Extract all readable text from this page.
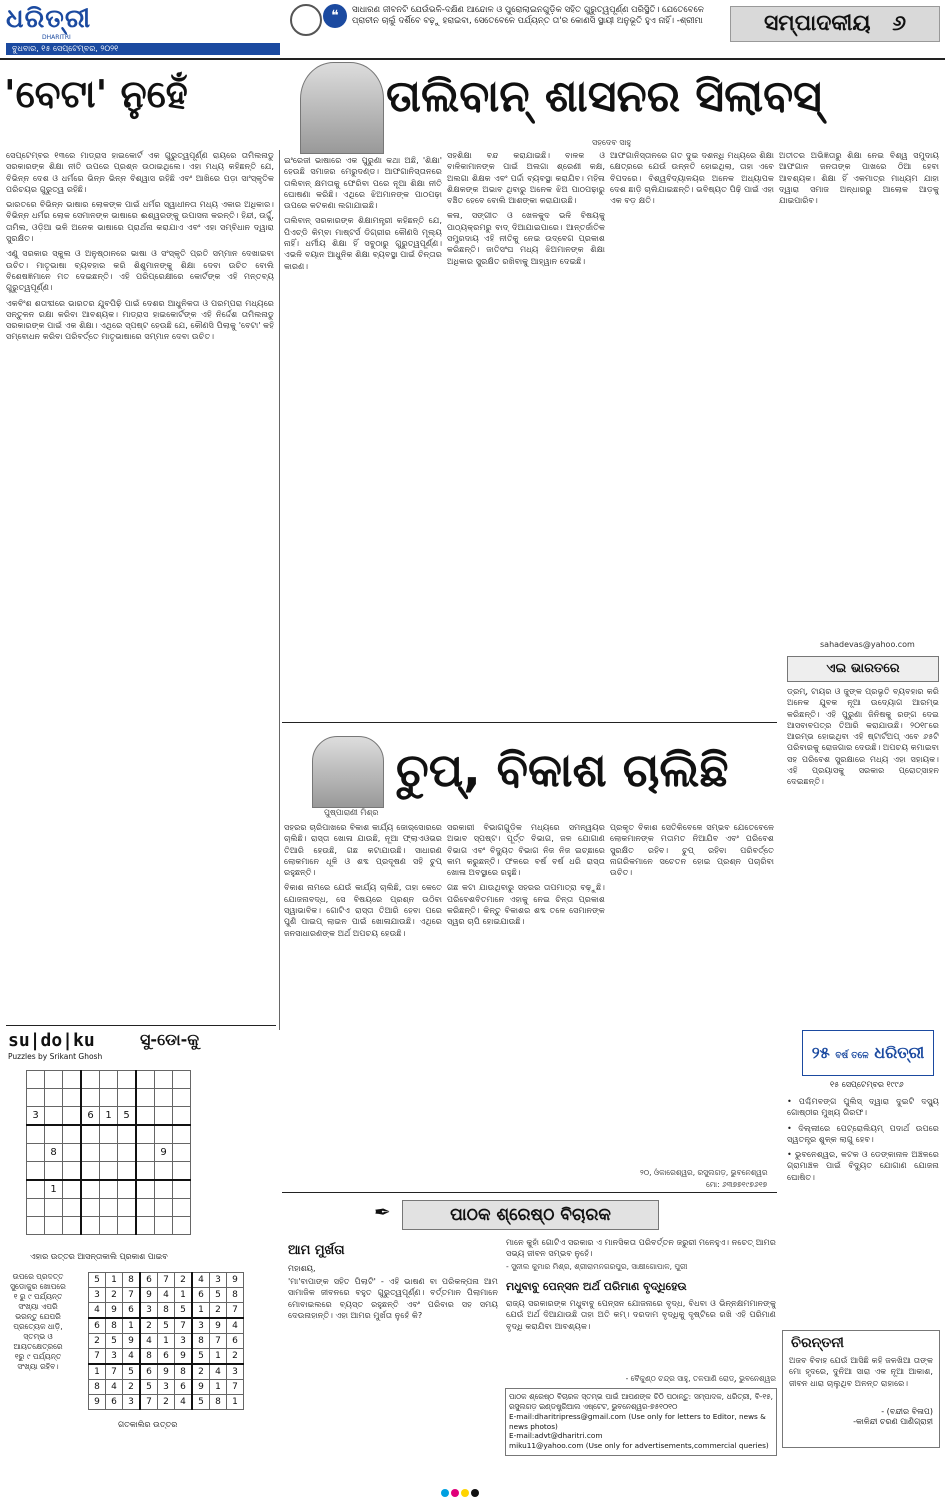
ଧରିତ୍ରୀ
DHARITRI
ବୁଧବାର, ୧୫ ସେପ୍ଟେମ୍ବର, ୨୦୨୧
❝	ସାଧାରଣ ଜୀବନଟି ଯେଉଁଭଳି-ଦକ୍ଷିଣ ଆନ୍ଦୋଳ ଓ ପୁରୋଲାଇନଗୁଡ଼ିକ ସହିତ ଗୁରୁତ୍ୱପୂର୍ଣ୍ଣ ପରିସ୍ଥିତି। ଯେତେବେଳେ ପ୍ରାଚୀନ ଚାଲୁଁ ଦର୍ଶିବେ ବଢ଼ୁ ହରାଇବା, ସେତେବେଳେ ପର୍ଯ୍ୟନ୍ତ ତା'ର କୋଣସି ସ୍ଥାୟୀ ଅନୁଭୂତି ହୁଏ ନାହିଁ। -ଶ୍ରୀମା	ସମ୍ପାଦକୀୟ ୬
'ବେଟା' ନୁହେଁ	ତାଲିବାନ୍ ଶାସନର ସିଲାବସ୍
ସହଦେବ ସାହୁ

ସେପ୍ଟେମ୍ବର ୧୩ରେ ମାଡ୍ରାସ ହାଇକୋର୍ଟ ଏକ ଗୁରୁତ୍ୱପୂର୍ଣ୍ଣ ରାୟରେ ତାମିଲନାଡୁ ସରକାରଙ୍କ ଶିକ୍ଷା ନୀତି ଉପରେ ପ୍ରଶ୍ନ ଉଠାଇଥିଲେ। ଏହା ମଧ୍ୟ କହିଛନ୍ତି ଯେ, ବିଭିନ୍ନ ଦେଶ ଓ ଧର୍ମରେ ଭିନ୍ନ ଭିନ୍ନ ବିଶ୍ୱାସ ରହିଛି ଏବଂ ଆଖିରେ ପଡ଼ା ସାଂସ୍କୃତିକ ପରିଚୟର ଗୁରୁତ୍ୱ ରହିଛି।

ଭାରତରେ ବିଭିନ୍ନ ଭାଷାର ଲୋକଙ୍କ ପାଇଁ ଧର୍ମର ସ୍ୱାଧୀନତା ମଧ୍ୟ ଏକାର ଅଧିକାର। ବିଭିନ୍ନ ଧର୍ମର ଲୋକ ସେମାନଙ୍କ ଭାଷାରେ ଈଶ୍ୱରଙ୍କୁ ଉପାସନା କରନ୍ତି। ହିନ୍ଦୀ, ଉର୍ଦ୍ଦୁ, ତାମିଲ, ଓଡ଼ିଆ ଭଳି ଅନେକ ଭାଷାରେ ପ୍ରାର୍ଥନା କରାଯାଏ ଏବଂ ଏହା ସମ୍ବିଧାନ ଦ୍ୱାରା ସୁରକ୍ଷିତ।

ଏଣୁ ସରକାର ସ୍କୁଲ ଓ ଅନୁଷ୍ଠାନରେ ଭାଷା ଓ ସଂସ୍କୃତି ପ୍ରତି ସମ୍ମାନ ଦେଖାଇବା ଉଚିତ। ମାତୃଭାଷା ବ୍ୟବହାର କରି ଶିଶୁମାନଙ୍କୁ ଶିକ୍ଷା ଦେବା ଉଚିତ ବୋଲି ବିଶେଷଜ୍ଞମାନେ ମତ ଦେଇଛନ୍ତି। ଏହି ପରିପ୍ରେକ୍ଷୀରେ କୋର୍ଟଙ୍କ ଏହି ମନ୍ତବ୍ୟ ଗୁରୁତ୍ୱପୂର୍ଣ୍ଣ।

ଏକବିଂଶ ଶତାବ୍ଦୀରେ ଭାରତର ଯୁବପିଢ଼ି ପାଇଁ ଦେଶର ଆଧୁନିକତା ଓ ପରମ୍ପରା ମଧ୍ୟରେ ସନ୍ତୁଳନ ରକ୍ଷା କରିବା ଆବଶ୍ୟକ। ମାଡ୍ରାସ ହାଇକୋର୍ଟଙ୍କ ଏହି ନିର୍ଦ୍ଦେଶ ତାମିଲନାଡୁ ସରକାରଙ୍କ ପାଇଁ ଏକ ଶିକ୍ଷା। ଏଥିରେ ସ୍ପଷ୍ଟ ହେଉଛି ଯେ, କୌଣସି ପିଲାକୁ 'ବେଟା' କହି ସମ୍ବୋଧନ କରିବା ପରିବର୍ତ୍ତେ ମାତୃଭାଷାରେ ସମ୍ମାନ ଦେବା ଉଚିତ।

ଇଂରେଜୀ ଭାଷାରେ ଏକ ପୁରୁଣା କଥା ଅଛି, 'ଶିକ୍ଷା' ହେଉଛି ସମାଜର ମେରୁଦଣ୍ଡ। ଆଫଗାନିସ୍ତାନରେ ତାଲିବାନ୍ କ୍ଷମତାକୁ ଫେରିବା ପରେ ନୂଆ ଶିକ୍ଷା ନୀତି ଘୋଷଣା କରିଛି। ଏଥିରେ ଝିଅମାନଙ୍କ ପାଠପଢ଼ା ଉପରେ କଟକଣା ଲଗାଯାଇଛି।

ତାଲିବାନ୍ ସରକାରଙ୍କ ଶିକ୍ଷାମନ୍ତ୍ରୀ କହିଛନ୍ତି ଯେ, ପିଏଚ୍‌ଡି କିମ୍ବା ମାଷ୍ଟର୍ସ ଡିଗ୍ରୀର କୌଣସି ମୂଲ୍ୟ ନାହିଁ। ଧର୍ମୀୟ ଶିକ୍ଷା ହିଁ ସବୁଠାରୁ ଗୁରୁତ୍ୱପୂର୍ଣ୍ଣ। ଏଭଳି ବୟାନ ଆଧୁନିକ ଶିକ୍ଷା ବ୍ୟବସ୍ଥା ପାଇଁ ଚିନ୍ତାର କାରଣ।

ସହଶିକ୍ଷା ବନ୍ଦ କରାଯାଇଛି। ବାଳକ ଓ ବାଳିକାମାନଙ୍କ ପାଇଁ ଅଲଗା ଶ୍ରେଣୀ କକ୍ଷ, ଅଲଗା ଶିକ୍ଷକ ଏବଂ ପର୍ଦ୍ଦା ବ୍ୟବସ୍ଥା କରାଯିବ। ମହିଳା ଶିକ୍ଷକଙ୍କ ଅଭାବ ଥିବାରୁ ଅନେକ ଝିଅ ପାଠପଢ଼ାରୁ ବଞ୍ଚିତ ହେବେ ବୋଲି ଆଶଙ୍କା କରାଯାଉଛି।

କଳା, ସଙ୍ଗୀତ ଓ ଖେଳକୁଦ ଭଳି ବିଷୟକୁ ପାଠ୍ୟକ୍ରମରୁ ବାଦ୍ ଦିଆଯାଇପାରେ। ଆନ୍ତର୍ଜାତିକ ସମ୍ପ୍ରଦାୟ ଏହି ନୀତିକୁ ନେଇ ଉଦ୍‌ବେଗ ପ୍ରକାଶ କରିଛନ୍ତି। ଜାତିସଂଘ ମଧ୍ୟ ଝିଅମାନଙ୍କ ଶିକ୍ଷା ଅଧିକାର ସୁରକ୍ଷିତ ରଖିବାକୁ ଆହ୍ୱାନ ଦେଇଛି।

ଆଫଗାନିସ୍ତାନରେ ଗତ ଦୁଇ ଦଶନ୍ଧି ମଧ୍ୟରେ ଶିକ୍ଷା କ୍ଷେତ୍ରରେ ଯେଉଁ ଉନ୍ନତି ହୋଇଥିଲା, ତାହା ଏବେ ବିପଦରେ। ବିଶ୍ୱବିଦ୍ୟାଳୟର ଅନେକ ଅଧ୍ୟାପକ ଦେଶ ଛାଡ଼ି ଚାଲିଯାଇଛନ୍ତି। ଭବିଷ୍ୟତ ପିଢ଼ି ପାଇଁ ଏହା ଏକ ବଡ଼ କ୍ଷତି।

ଅତୀତର ଅଭିଜ୍ଞତାରୁ ଶିକ୍ଷା ନେଇ ବିଶ୍ୱ ସମୁଦାୟ ଆଫଗାନ ଜନତାଙ୍କ ପାଖରେ ଠିଆ ହେବା ଆବଶ୍ୟକ। ଶିକ୍ଷା ହିଁ ଏକମାତ୍ର ମାଧ୍ୟମ ଯାହା ଦ୍ୱାରା ସମାଜ ଅନ୍ଧାରରୁ ଆଲୋକ ଆଡ଼କୁ ଯାଇପାରିବ।

sahadevas@yahoo.com
ଚୁପ୍, ବିକାଶ ଚାଲିଛି
ପୁଷ୍ପାରାଣୀ ମିଶ୍ର

ସହରର ଚାରିପାଖରେ ବିକାଶ କାର୍ଯ୍ୟ ଜୋର୍‌ସୋରରେ ଚାଲିଛି। ରାସ୍ତା ଖୋଳା ଯାଉଛି, ନୂଆ ଫ୍ଲାଏଓଭର ତିଆରି ହେଉଛି, ଗଛ କଟାଯାଉଛି। ସାଧାରଣ ଲୋକମାନେ ଧୂଳି ଓ ଶବ୍ଦ ପ୍ରଦୂଷଣ ସହି ଚୁପ୍ ରହୁଛନ୍ତି।

ବିକାଶ ନାମରେ ଯେଉଁ କାର୍ଯ୍ୟ ଚାଲିଛି, ତାହା କେତେ ଯୋଜନାବଦ୍ଧ, ସେ ବିଷୟରେ ପ୍ରଶ୍ନ ଉଠିବା ସ୍ୱାଭାବିକ। ଗୋଟିଏ ରାସ୍ତା ତିଆରି ହେବା ପରେ ପୁଣି ପାଇପ୍ ଲାଇନ ପାଇଁ ଖୋଳାଯାଉଛି। ଏଥିରେ ଜନସାଧାରଣଙ୍କ ଅର୍ଥ ଅପଚୟ ହେଉଛି।

ସରକାରୀ ବିଭାଗଗୁଡ଼ିକ ମଧ୍ୟରେ ସମନ୍ୱୟର ଅଭାବ ସ୍ପଷ୍ଟ। ପୂର୍ତ୍ତ ବିଭାଗ, ଜଳ ଯୋଗାଣ ବିଭାଗ ଏବଂ ବିଦ୍ୟୁତ ବିଭାଗ ନିଜ ନିଜ ଇଚ୍ଛାରେ କାମ କରୁଛନ୍ତି। ଫଳରେ ବର୍ଷ ବର୍ଷ ଧରି ରାସ୍ତା ଖୋଳା ଅବସ୍ଥାରେ ରହୁଛି।

ଗଛ କଟା ଯାଉଥିବାରୁ ସହରର ତାପମାତ୍ରା ବଢ଼ୁଛି। ପରିବେଶବିତମାନେ ଏହାକୁ ନେଇ ଚିନ୍ତା ପ୍ରକାଶ କରିଛନ୍ତି। କିନ୍ତୁ ବିକାଶର ଶବ୍ଦ ତଳେ ସେମାନଙ୍କ ସ୍ୱର ଚାପି ହୋଇଯାଉଛି।

ପ୍ରକୃତ ବିକାଶ ସେତିକିବେଳେ ସମ୍ଭବ ଯେତେବେଳେ ଲୋକମାନଙ୍କ ମତାମତ ନିଆଯିବ ଏବଂ ପରିବେଶ ସୁରକ୍ଷିତ ରହିବ। ଚୁପ୍ ରହିବା ପରିବର୍ତ୍ତେ ନାଗରିକମାନେ ସଚେତନ ହୋଇ ପ୍ରଶ୍ନ ପଚାରିବା ଉଚିତ।

୨୦, ଓଁକାରେଶ୍ୱର, ରସୁଲଗଡ଼, ଭୁବନେଶ୍ୱର
ମୋ: ୬୩୭୭୧୯୭୬୧୭
ଏଇ ଭାରତରେ
ଡ୍ରମ୍, ଟାୟର ଓ ଜୁଙ୍କ ପ୍ରଭୃତି ବ୍ୟବହାର କରି ଅନେକ ଯୁବକ ନୂଆ ଉଦ୍ୟୋଗ ଆରମ୍ଭ କରିଛନ୍ତି। ଏହି ପୁରୁଣା ଜିନିଷକୁ ରଙ୍ଗ ଦେଇ ଆସବାବପତ୍ର ତିଆରି କରାଯାଉଛି। ୨୦୧୮ରେ ଆରମ୍ଭ ହୋଇଥିବା ଏହି ଷ୍ଟାର୍ଟଅପ୍ ଏବେ ୬୫ଟି ପରିବାରକୁ ରୋଜଗାର ଦେଉଛି। ଅପଚୟ କମାଇବା ସହ ପରିବେଶ ସୁରକ୍ଷାରେ ମଧ୍ୟ ଏହା ସହାୟକ। ଏହି ପ୍ରୟାସକୁ ସରକାର ପ୍ରୋତ୍ସାହନ ଦେଇଛନ୍ତି।
୨୫ ବର୍ଷ ତଳେ ଧରିତ୍ରୀ
୧୫ ସେପ୍ଟେମ୍ବର ୧୯୯୬

• ପଶ୍ଚିମବଙ୍ଗ ପୁଲିସ୍ ଦ୍ୱାରା ଦୁଇଟି ଦସ୍ୟୁ ଗୋଷ୍ଠୀର ମୁଖ୍ୟ ଗିରଫ।

• ଦିଲ୍ଲୀରେ ପେଟ୍ରୋଲିୟମ୍ ପଦାର୍ଥ ଉପରେ ସ୍ୱତନ୍ତ୍ର ଶୁଳ୍କ ଲାଗୁ ହେବ।

• ଭୁବନେଶ୍ୱର, କଟକ ଓ ଡେଙ୍କାନାଳ ଅଞ୍ଚଳରେ ଗ୍ରାମାଞ୍ଚଳ ପାଇଁ ବିଦ୍ୟୁତ ଯୋଗାଣ ଯୋଜନା ଘୋଷିତ।

ଚିରନ୍ତନୀ
ଅଜବ ବିବାହ ଯେଉଁ ଆସିଛି କହି ଜଳଖିଆ ତାଙ୍କ ମୋ ହୃଦରେ, ଦୁନିଆ ସାରା ଏକ ନୂଆ ଆକାଶ, ଜୀବନ ଧାରା ଚାଲୁଥିବ ଅନନ୍ତ ରାହାରେ।
- (ବନ୍ଦୀର ବିଳାପ)
-କାଳିନ୍ଦୀ ଚରଣ ପାଣିଗ୍ରାହୀ
su|do|ku
Puzzles by Srikant Ghosh
ସୁ-ଡୋ-କୁ

3			6	1	5			

	8						9	

	1							

ଏହାର ଉତ୍ତର ଆସନ୍ତାକାଲି ପ୍ରକାଶ ପାଇବ
ଉପରେ ପ୍ରଦତ୍ତ ସୁଡୋକୁର ଖୋପରେ ୧ ରୁ ୯ ପର୍ଯ୍ୟନ୍ତ ସଂଖ୍ୟା ଏପରି ଭରନ୍ତୁ ଯେପରି ପ୍ରତ୍ୟେକ ଧାଡ଼ି, ସ୍ତମ୍ଭ ଓ ଆୟତକ୍ଷେତ୍ରରେ ୧ରୁ ୯ ପର୍ଯ୍ୟନ୍ତ ସଂଖ୍ୟା ରହିବ।
5	1	8	6	7	2	4	3	9
3	2	7	9	4	1	6	5	8
4	9	6	3	8	5	1	2	7
6	8	1	2	5	7	3	9	4
2	5	9	4	1	3	8	7	6
7	3	4	8	6	9	5	1	2
1	7	5	6	9	8	2	4	3
8	4	2	5	3	6	9	1	7
9	6	3	7	2	4	5	8	1
ଗତକାଲିର ଉତ୍ତର
✒	ପାଠକ ଶ୍ରେଷ୍ଠ ବିଚାରକ
ଆମ ମୁର୍ଖତା
ମହାଶୟ,
'ମା'ବାପାଙ୍କ ସହିତ ପିଲାଟି' - ଏହି ଭାଷଣ ବା ପରିକଳ୍ପନା ଆମ ସାମାଜିକ ଜୀବନରେ ବହୁତ ଗୁରୁତ୍ୱପୂର୍ଣ୍ଣ। ବର୍ତ୍ତମାନ ପିଲାମାନେ ମୋବାଇଲରେ ବ୍ୟସ୍ତ ରହୁଛନ୍ତି ଏବଂ ପରିବାର ସହ ସମୟ ଦେଉନାହାନ୍ତି। ଏହା ଆମର ମୁର୍ଖତା ନୁହେଁ କି?
ମାନେ କୁହାଁ ଗୋଟିଏ ସରକାର ଏ ମାନସିକତା ପରିବର୍ତ୍ତନ ଜରୁରୀ ମନେହୁଏ। ନଚେତ୍ ଆମର ସଭ୍ୟ ଜୀବନ ସମ୍ଭବ ନୁହେଁ।
- ସୁନୀଲ କୁମାର ମିଶ୍ର, ଶ୍ରୀରାମନଗରପୁର, ସାକ୍ଷୀଗୋପାଳ, ପୁରୀ
ମଧୁବାବୁ ପେନ୍‌ସନ ଅର୍ଥ ପରିମାଣ ବୃଦ୍ଧିହେଉ
ରାଜ୍ୟ ସରକାରଙ୍କ ମଧୁବାବୁ ପେନ୍‌ସନ ଯୋଜନାରେ ବୃଦ୍ଧ, ବିଧବା ଓ ଭିନ୍ନକ୍ଷମମାନଙ୍କୁ ଯେଉଁ ଅର୍ଥ ଦିଆଯାଉଛି ତାହା ଅତି କମ୍। ଦରଦାମ ବୃଦ୍ଧିକୁ ଦୃଷ୍ଟିରେ ରଖି ଏହି ପରିମାଣ ବୃଦ୍ଧି କରାଯିବା ଆବଶ୍ୟକ।
- ବୈକୁଣ୍ଠ ଚନ୍ଦ୍ର ସାହୁ, ତଳପାଣି ରୋଡ୍, ଭୁବନେଶ୍ୱର
ପାଠକ ଶ୍ରେଷ୍ଠ ବିଚାରକ ସ୍ତମ୍ଭ ପାଇଁ ଆପଣଙ୍କ ଚିଠି ପଠାନ୍ତୁ: ସମ୍ପାଦକ, ଧରିତ୍ରୀ, ବି-୧୫, ରସୁଲଗଡ଼ ଇଣ୍ଡଷ୍ଟ୍ରିଆଲ ଏଷ୍ଟେଟ, ଭୁବନେଶ୍ୱର-୭୫୧୦୧୦
E-mail:dharitripress@gmail.com (Use only for letters to Editor, news & news photos)
E-mail:advt@dharitri.com
miku11@yahoo.com (Use only for advertisements,commercial queries)
